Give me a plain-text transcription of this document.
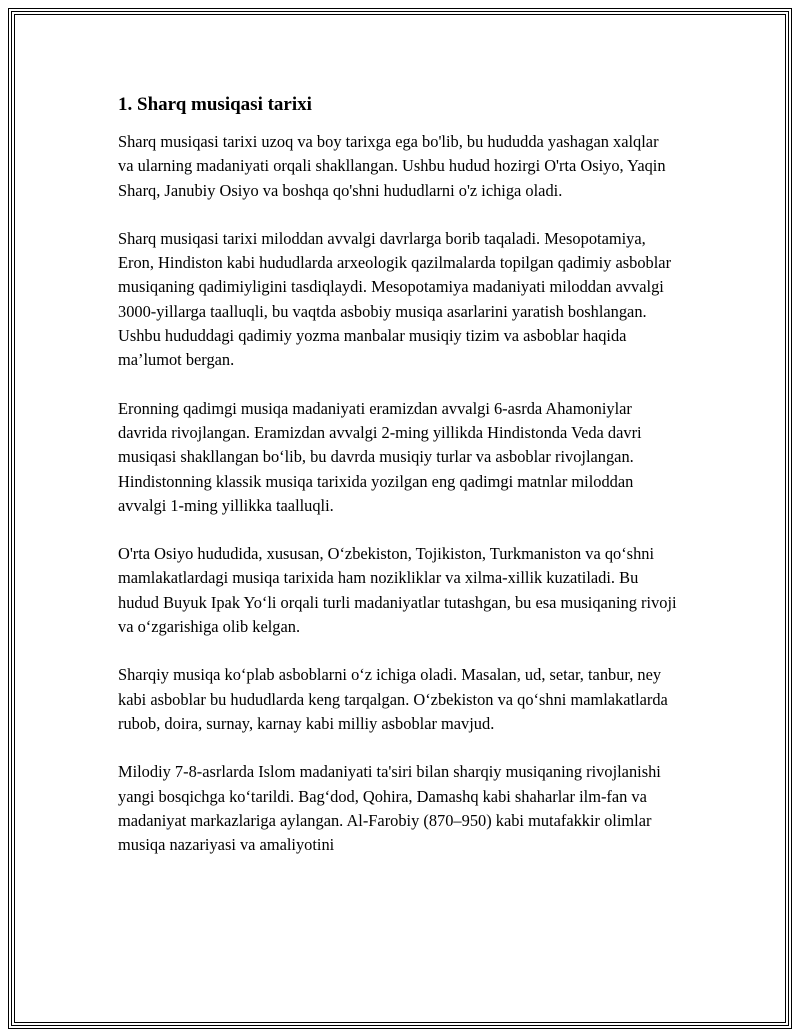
1. Sharq musiqasi tarixi

Sharq musiqasi tarixi uzoq va boy tarixga ega bo'lib, bu hududda yashagan xalqlar va ularning madaniyati orqali shakllangan. Ushbu hudud hozirgi O'rta Osiyo, Yaqin Sharq, Janubiy Osiyo va boshqa qo'shni hududlarni o'z ichiga oladi.

Sharq musiqasi tarixi miloddan avvalgi davrlarga borib taqaladi. Mesopotamiya, Eron, Hindiston kabi hududlarda arxeologik qazilmalarda topilgan qadimiy asboblar musiqaning qadimiyligini tasdiqlaydi. Mesopotamiya madaniyati miloddan avvalgi 3000-yillarga taalluqli, bu vaqtda asbobiy musiqa asarlarini yaratish boshlangan. Ushbu hududdagi qadimiy yozma manbalar musiqiy tizim va asboblar haqida ma’lumot bergan.

Eronning qadimgi musiqa madaniyati eramizdan avvalgi 6-asrda Ahamoniylar davrida rivojlangan. Eramizdan avvalgi 2-ming yillikda Hindistonda Veda davri musiqasi shakllangan bo‘lib, bu davrda musiqiy turlar va asboblar rivojlangan. Hindistonning klassik musiqa tarixida yozilgan eng qadimgi matnlar miloddan avvalgi 1-ming yillikka taalluqli.

O'rta Osiyo hududida, xususan, O‘zbekiston, Tojikiston, Turkmaniston va qo‘shni mamlakatlardagi musiqa tarixida ham nozikliklar va xilma-xillik kuzatiladi. Bu hudud Buyuk Ipak Yo‘li orqali turli madaniyatlar tutashgan, bu esa musiqaning rivoji va o‘zgarishiga olib kelgan.

Sharqiy musiqa ko‘plab asboblarni o‘z ichiga oladi. Masalan, ud, setar, tanbur, ney kabi asboblar bu hududlarda keng tarqalgan. O‘zbekiston va qo‘shni mamlakatlarda rubob, doira, surnay, karnay kabi milliy asboblar mavjud.

Milodiy 7-8-asrlarda Islom madaniyati ta'siri bilan sharqiy musiqaning rivojlanishi yangi bosqichga ko‘tarildi. Bag‘dod, Qohira, Damashq kabi shaharlar ilm-fan va madaniyat markazlariga aylangan. Al-Farobiy (870–950) kabi mutafakkir olimlar musiqa nazariyasi va amaliyotini
